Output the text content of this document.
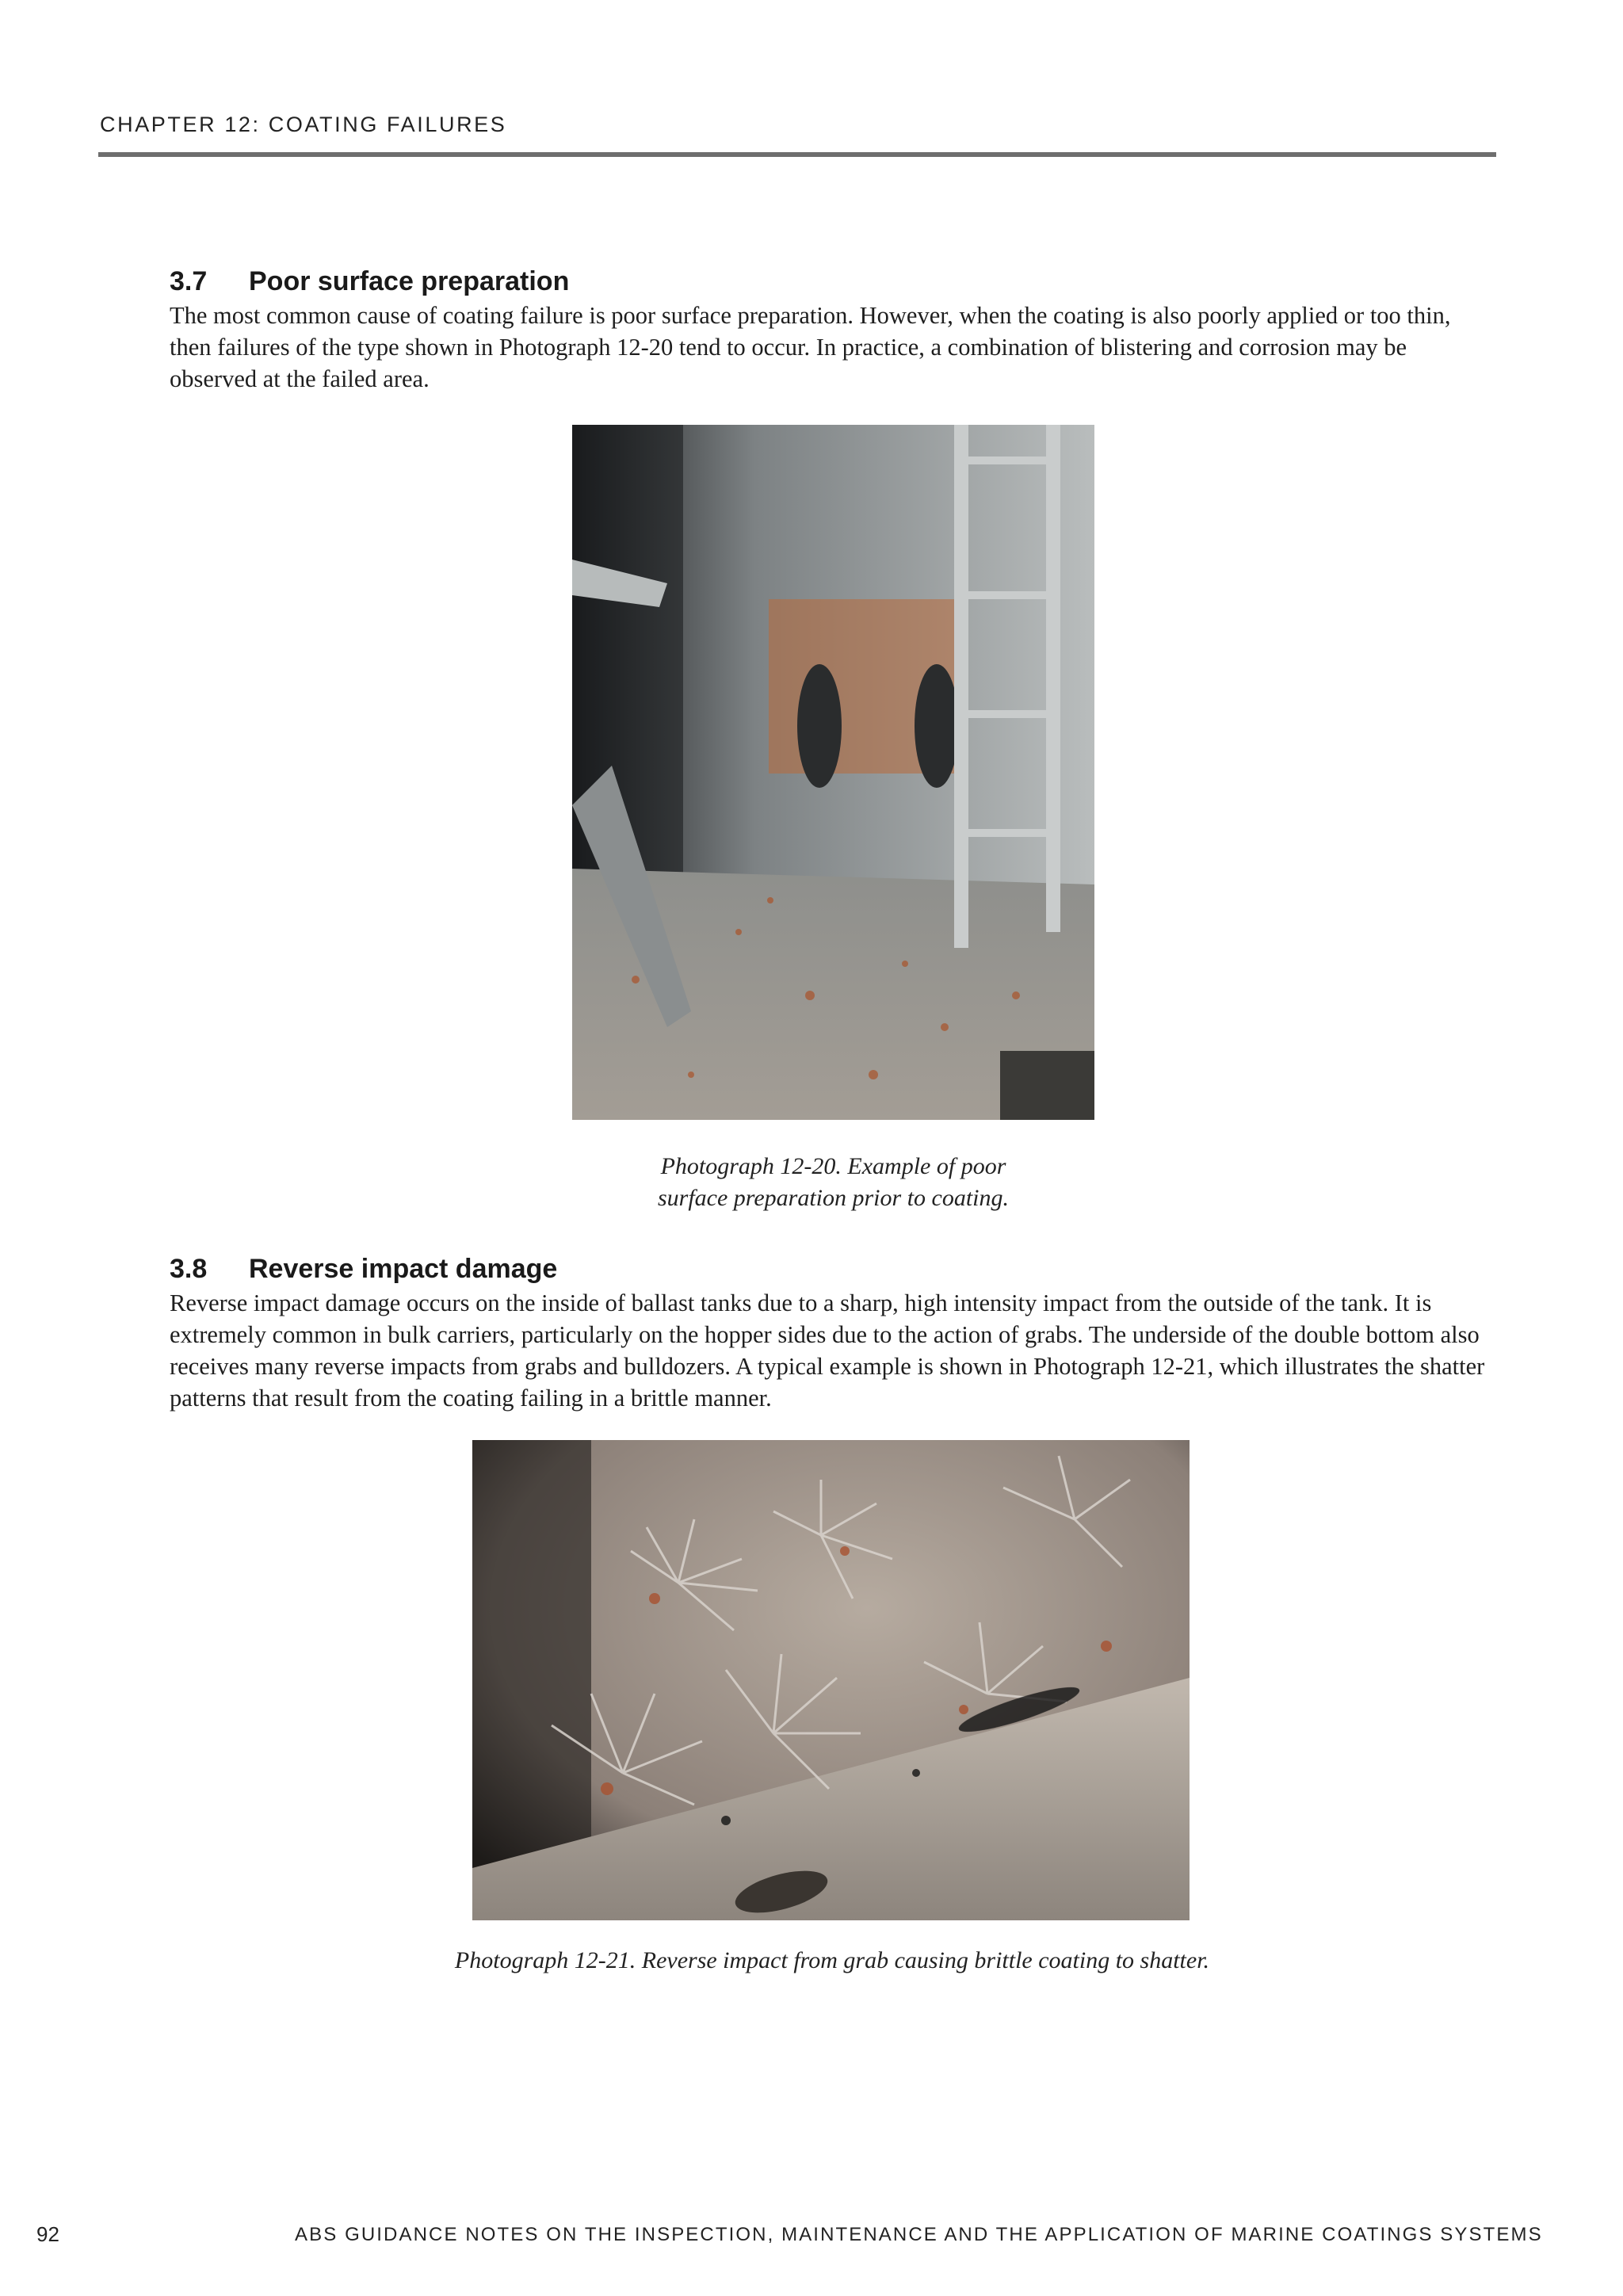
CHAPTER 12: COATING FAILURES
3.7 Poor surface preparation
The most common cause of coating failure is poor surface preparation. However, when the coating is also poorly applied or too thin, then failures of the type shown in Photograph 12-20 tend to occur. In practice, a combination of blistering and corrosion may be observed at the failed area.
Photograph 12-20. Example of poor
surface preparation prior to coating.
3.8 Reverse impact damage
Reverse impact damage occurs on the inside of ballast tanks due to a sharp, high intensity impact from the outside of the tank. It is extremely common in bulk carriers, particularly on the hopper sides due to the action of grabs. The underside of the double bottom also receives many reverse impacts from grabs and bulldozers. A typical example is shown in Photograph 12-21, which illustrates the shatter patterns that result from the coating failing in a brittle manner.
Photograph 12-21. Reverse impact from grab causing brittle coating to shatter.
92	ABS GUIDANCE NOTES ON THE INSPECTION, MAINTENANCE AND THE APPLICATION OF MARINE COATINGS SYSTEMS
